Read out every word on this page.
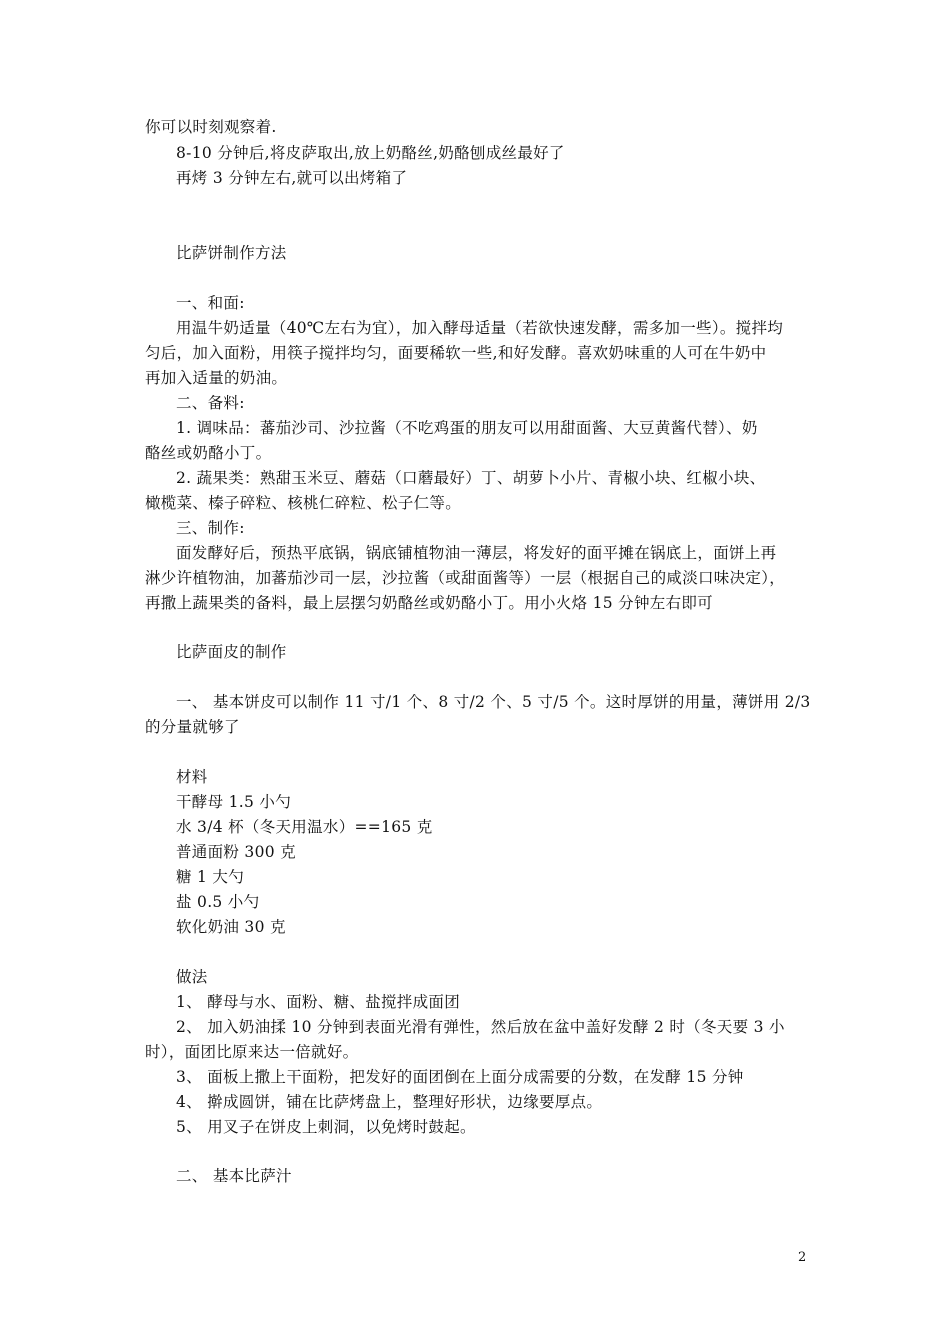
你可以时刻观察着.
8-10 分钟后,将皮萨取出,放上奶酪丝,奶酪刨成丝最好了
再烤 3 分钟左右,就可以出烤箱了
比萨饼制作方法
一、和面:
用温牛奶适量（40℃左右为宜），加入酵母适量（若欲快速发酵，需多加一些）。搅拌均
匀后，加入面粉，用筷子搅拌均匀，面要稀软一些,和好发酵。喜欢奶味重的人可在牛奶中
再加入适量的奶油。
二、备料:
1. 调味品：蕃茄沙司、沙拉酱（不吃鸡蛋的朋友可以用甜面酱、大豆黄酱代替）、奶
酪丝或奶酪小丁。
2. 蔬果类：熟甜玉米豆、蘑菇（口蘑最好）丁、胡萝卜小片、青椒小块、红椒小块、
橄榄菜、榛子碎粒、核桃仁碎粒、松子仁等。
三、制作:
面发酵好后，预热平底锅，锅底铺植物油一薄层，将发好的面平摊在锅底上，面饼上再
淋少许植物油，加蕃茄沙司一层，沙拉酱（或甜面酱等）一层（根据自己的咸淡口味决定），
再撒上蔬果类的备料，最上层摆匀奶酪丝或奶酪小丁。用小火烙 15 分钟左右即可
比萨面皮的制作
一、 基本饼皮可以制作 11 寸/1 个、8 寸/2 个、5 寸/5 个。这时厚饼的用量，薄饼用 2/3
的分量就够了
材料
干酵母 1.5 小勺
水 3/4 杯（冬天用温水）==165 克
普通面粉 300 克
糖 1 大勺
盐 0.5 小勺
软化奶油 30 克
做法
1、 酵母与水、面粉、糖、盐搅拌成面团
2、 加入奶油揉 10 分钟到表面光滑有弹性，然后放在盆中盖好发酵 2 时（冬天要 3 小
时），面团比原来达一倍就好。
3、 面板上撒上干面粉，把发好的面团倒在上面分成需要的分数，在发酵 15 分钟
4、 擀成圆饼，铺在比萨烤盘上，整理好形状，边缘要厚点。
5、 用叉子在饼皮上刺洞，以免烤时鼓起。
二、 基本比萨汁
2
